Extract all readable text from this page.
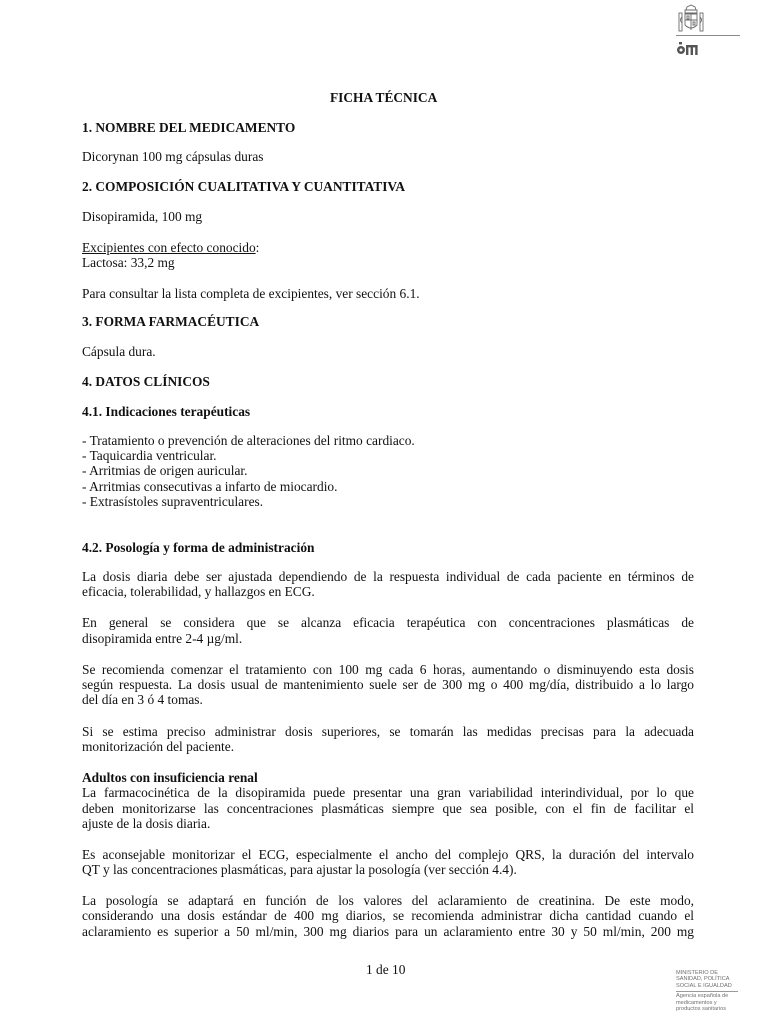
FICHA TÉCNICA
1. NOMBRE DEL MEDICAMENTO
Dicorynan 100 mg cápsulas duras
2. COMPOSICIÓN CUALITATIVA Y CUANTITATIVA
Disopiramida, 100 mg
Excipientes con efecto conocido:
Lactosa: 33,2 mg
Para consultar la lista completa de excipientes, ver sección 6.1.
3. FORMA FARMACÉUTICA
Cápsula dura.
4. DATOS CLÍNICOS
4.1. Indicaciones terapéuticas
- Tratamiento o prevención de alteraciones del ritmo cardiaco.
- Taquicardia ventricular.
- Arritmias de origen auricular.
- Arritmias consecutivas a infarto de miocardio.
- Extrasístoles supraventriculares.
4.2. Posología y forma de administración
La dosis diaria debe ser ajustada dependiendo de la respuesta individual de cada paciente en términos de
eficacia, tolerabilidad, y hallazgos en ECG.
En general se considera que se alcanza eficacia terapéutica con concentraciones plasmáticas de
disopiramida entre 2-4 µg/ml.
Se recomienda comenzar el tratamiento con 100 mg cada 6 horas, aumentando o disminuyendo esta dosis
según respuesta. La dosis usual de mantenimiento suele ser de 300 mg o 400 mg/día, distribuido a lo largo
del día en 3 ó 4 tomas.
Si se estima preciso administrar dosis superiores, se tomarán las medidas precisas para la adecuada
monitorización del paciente.
Adultos con insuficiencia renal
La farmacocinética de la disopiramida puede presentar una gran variabilidad interindividual, por lo que
deben monitorizarse las concentraciones plasmáticas siempre que sea posible, con el fin de facilitar el
ajuste de la dosis diaria.
Es aconsejable monitorizar el ECG, especialmente el ancho del complejo QRS, la duración del intervalo
QT y las concentraciones plasmáticas, para ajustar la posología (ver sección 4.4).
La posología se adaptará en función de los valores del aclaramiento de creatinina. De este modo,
considerando una dosis estándar de 400 mg diarios, se recomienda administrar dicha cantidad cuando el
aclaramiento es superior a 50 ml/min, 300 mg diarios para un aclaramiento entre 30 y 50 ml/min, 200 mg
1 de 10	MINISTERIO DE
SANIDAD, POLÍTICA
SOCIAL E IGUALDAD
Agencia española de
medicamentos y
productos sanitarios
